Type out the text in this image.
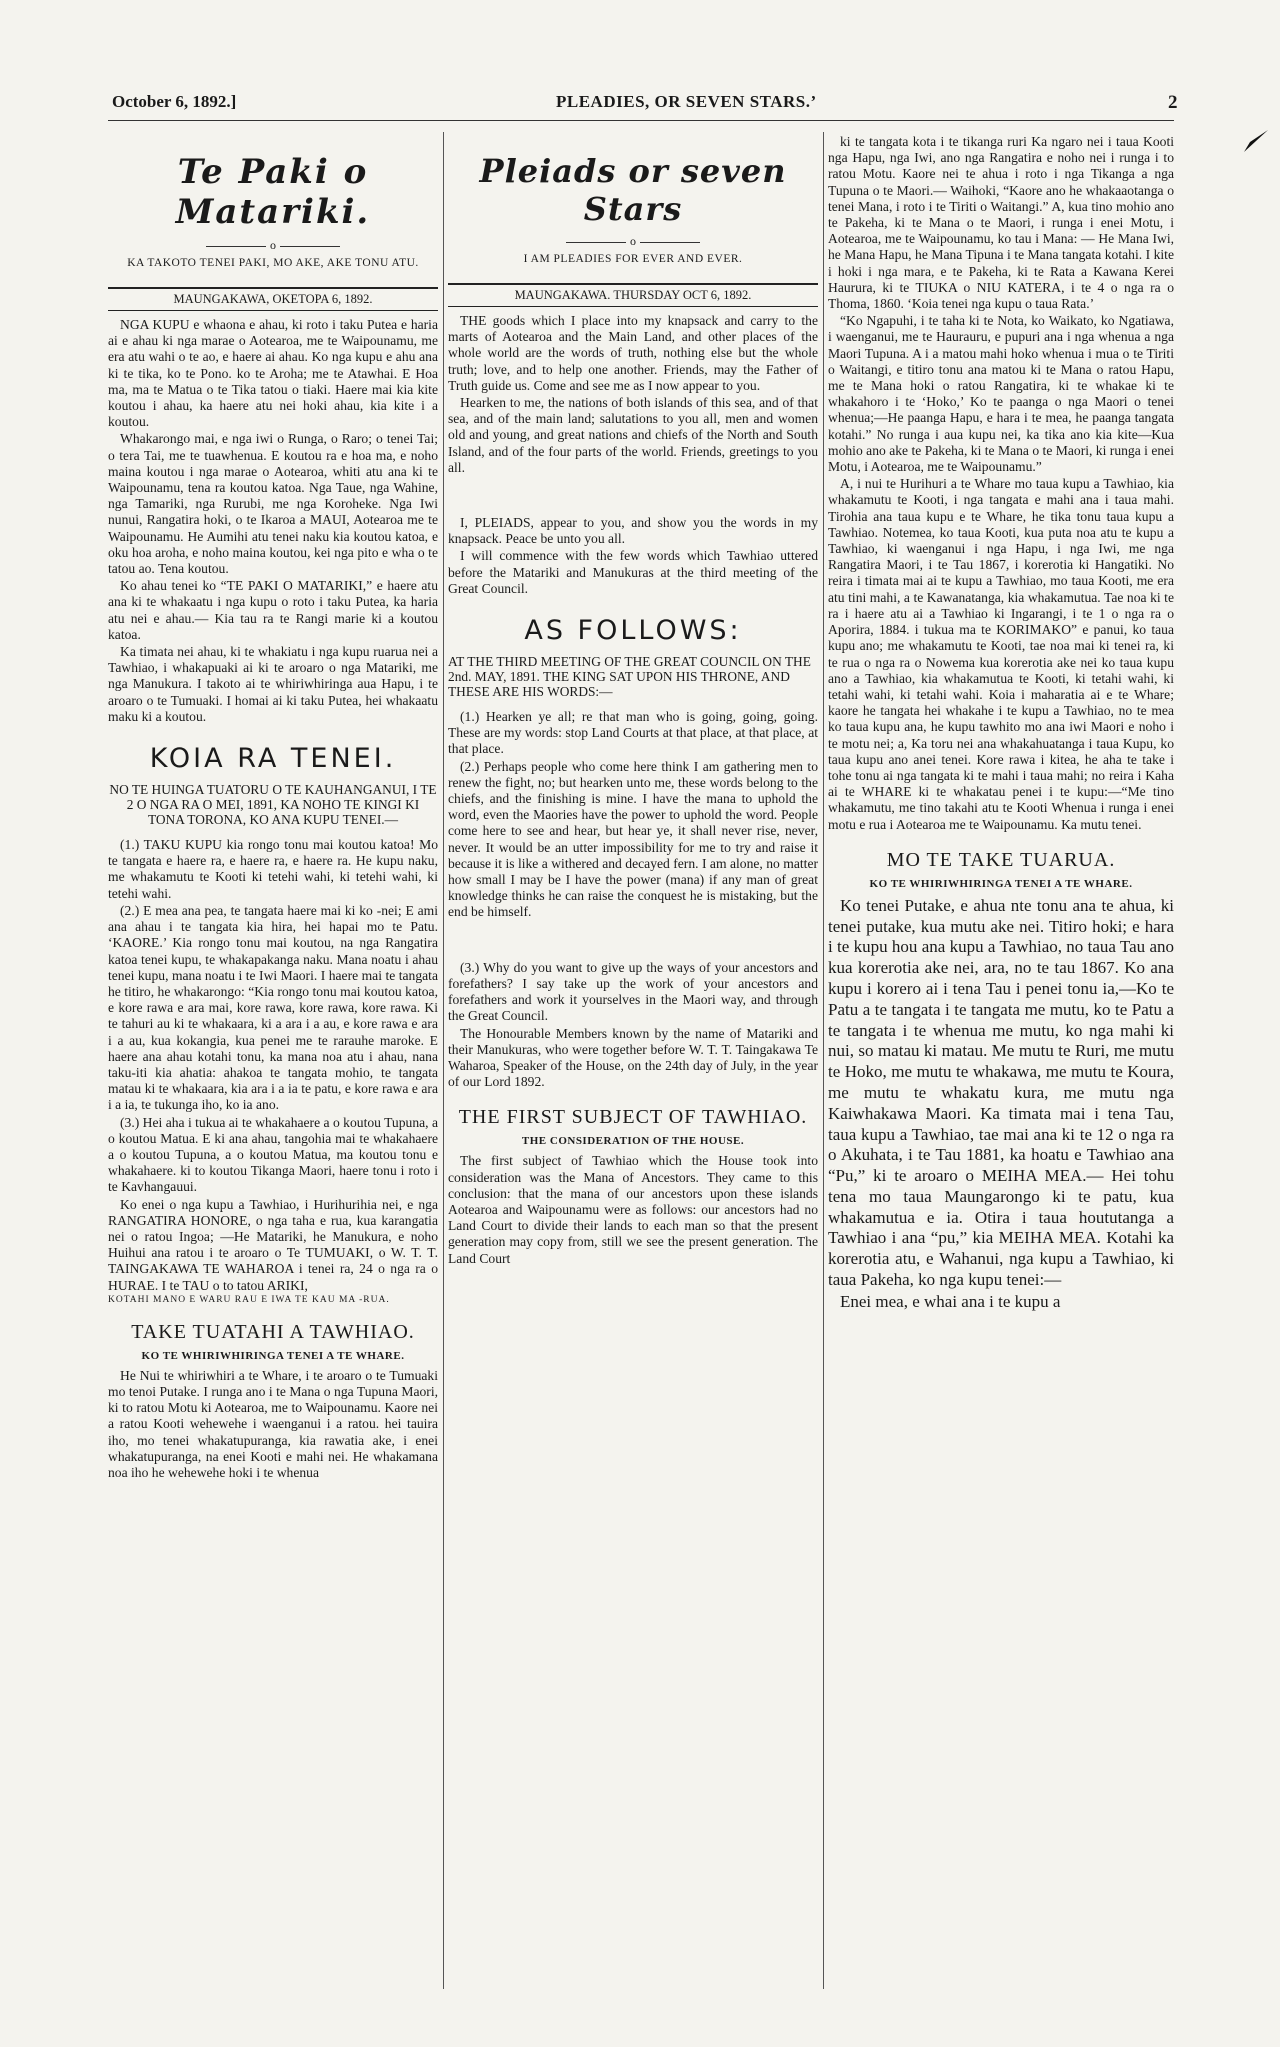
October 6, 1892.]	PLEADIES, OR SEVEN STARS.’	2
Te Paki o Matariki.
o
KA TAKOTO TENEI PAKI, MO AKE, AKE TONU ATU.
MAUNGAKAWA, OKETOPA 6, 1892.

NGA KUPU e whaona e ahau, ki roto i taku Putea e haria ai e ahau ki nga marae o Aotearoa, me te Waipounamu, me era atu wahi o te ao, e haere ai ahau. Ko nga kupu e ahu ana ki te tika, ko te Pono. ko te Aroha; me te Atawhai. E Hoa ma, ma te Matua o te Tika tatou o tiaki. Haere mai kia kite koutou i ahau, ka haere atu nei hoki ahau, kia kite i a koutou.

Whakarongo mai, e nga iwi o Runga, o Raro; o tenei Tai; o tera Tai, me te tuawhenua. E koutou ra e hoa ma, e noho maina koutou i nga marae o Aotearoa, whiti atu ana ki te Waipounamu, tena ra koutou katoa. Nga Taue, nga Wahine, nga Tamariki, nga Rurubi, me nga Koroheke. Nga Iwi nunui, Rangatira hoki, o te Ikaroa a MAUI, Aotearoa me te Waipounamu. He Aumihi atu tenei naku kia koutou katoa, e oku hoa aroha, e noho maina koutou, kei nga pito e wha o te tatou ao. Tena koutou.

Ko ahau tenei ko “TE PAKI O MATARIKI,” e haere atu ana ki te whakaatu i nga kupu o roto i taku Putea, ka haria atu nei e ahau.— Kia tau ra te Rangi marie ki a koutou katoa.

Ka timata nei ahau, ki te whakiatu i nga kupu ruarua nei a Tawhiao, i whakapuaki ai ki te aroaro o nga Matariki, me nga Manukura. I takoto ai te whiriwhiringa aua Hapu, i te aroaro o te Tumuaki. I homai ai ki taku Putea, hei whakaatu maku ki a koutou.

KOIA RA TENEI.
NO TE HUINGA TUATORU O TE KAUHANGANUI, I TE 2 O NGA RA O MEI, 1891, KA NOHO TE KINGI KI TONA TORONA, KO ANA KUPU TENEI.—

(1.) TAKU KUPU kia rongo tonu mai koutou katoa! Mo te tangata e haere ra, e haere ra, e haere ra. He kupu naku, me whakamutu te Kooti ki tetehi wahi, ki tetehi wahi, ki tetehi wahi.

(2.) E mea ana pea, te tangata haere mai ki ko -nei; E ami ana ahau i te tangata kia hira, hei hapai mo te Patu. ‘KAORE.’ Kia rongo tonu mai koutou, na nga Rangatira katoa tenei kupu, te whakapakanga naku. Mana noatu i ahau tenei kupu, mana noatu i te Iwi Maori. I haere mai te tangata he titiro, he whakarongo: “Kia rongo tonu mai koutou katoa, e kore rawa e ara mai, kore rawa, kore rawa, kore rawa. Ki te tahuri au ki te whakaara, ki a ara i a au, e kore rawa e ara i a au, kua kokangia, kua penei me te rarauhe maroke. E haere ana ahau kotahi tonu, ka mana noa atu i ahau, nana taku-iti kia ahatia: ahakoa te tangata mohio, te tangata matau ki te whakaara, kia ara i a ia te patu, e kore rawa e ara i a ia, te tukunga iho, ko ia ano.

(3.) Hei aha i tukua ai te whakahaere a o koutou Tupuna, a o koutou Matua. E ki ana ahau, tangohia mai te whakahaere a o koutou Tupuna, a o koutou Matua, ma koutou tonu e whakahaere. ki to koutou Tikanga Maori, haere tonu i roto i te Kavhangauui.

Ko enei o nga kupu a Tawhiao, i Hurihurihia nei, e nga RANGATIRA HONORE, o nga taha e rua, kua karangatia nei o ratou Ingoa; —He Matariki, he Manukura, e noho Huihui ana ratou i te aroaro o Te TUMUAKI, o W. T. T. TAINGAKAWA TE WAHAROA i tenei ra, 24 o nga ra o HURAE. I te TAU o to tatou ARIKI,

KOTAHI MANO E WARU RAU E IWA TE KAU MA -RUA.
TAKE TUATAHI A TAWHIAO.
KO TE WHIRIWHIRINGA TENEI A TE WHARE.

He Nui te whiriwhiri a te Whare, i te aroaro o te Tumuaki mo tenoi Putake. I runga ano i te Mana o nga Tupuna Maori, ki to ratou Motu ki Aotearoa, me to Waipounamu. Kaore nei a ratou Kooti wehewehe i waenganui i a ratou. hei tauira iho, mo tenei whakatupuranga, kia rawatia ake, i enei whakatupuranga, na enei Kooti e mahi nei. He whakamana noa iho he wehewehe hoki i te whenua

Pleiads or seven Stars
o
I AM PLEADIES FOR EVER AND EVER.
MAUNGAKAWA. THURSDAY OCT 6, 1892.

THE goods which I place into my knapsack and carry to the marts of Aotearoa and the Main Land, and other places of the whole world are the words of truth, nothing else but the whole truth; love, and to help one another. Friends, may the Father of Truth guide us. Come and see me as I now appear to you.

Hearken to me, the nations of both islands of this sea, and of that sea, and of the main land; salutations to you all, men and women old and young, and great nations and chiefs of the North and South Island, and of the four parts of the world. Friends, greetings to you all.

I, PLEIADS, appear to you, and show you the words in my knapsack. Peace be unto you all.

I will commence with the few words which Tawhiao uttered before the Matariki and Manukuras at the third meeting of the Great Council.

AS FOLLOWS:
AT THE THIRD MEETING OF THE GREAT COUNCIL ON THE 2nd. MAY, 1891. THE KING SAT UPON HIS THRONE, AND THESE ARE HIS WORDS:—

(1.) Hearken ye all; re that man who is going, going, going. These are my words: stop Land Courts at that place, at that place, at that place.

(2.) Perhaps people who come here think I am gathering men to renew the fight, no; but hearken unto me, these words belong to the chiefs, and the finishing is mine. I have the mana to uphold the word, even the Maories have the power to uphold the word. People come here to see and hear, but hear ye, it shall never rise, never, never. It would be an utter impossibility for me to try and raise it because it is like a withered and decayed fern. I am alone, no matter how small I may be I have the power (mana) if any man of great knowledge thinks he can raise the conquest he is mistaking, but the end be himself.

(3.) Why do you want to give up the ways of your ancestors and forefathers? I say take up the work of your ancestors and forefathers and work it yourselves in the Maori way, and through the Great Council.

The Honourable Members known by the name of Matariki and their Manukuras, who were together before W. T. T. Taingakawa Te Waharoa, Speaker of the House, on the 24th day of July, in the year of our Lord 1892.

THE FIRST SUBJECT OF TAWHIAO.
THE CONSIDERATION OF THE HOUSE.

The first subject of Tawhiao which the House took into consideration was the Mana of Ancestors. They came to this conclusion: that the mana of our ancestors upon these islands Aotearoa and Waipounamu were as follows: our ancestors had no Land Court to divide their lands to each man so that the present generation may copy from, still we see the present generation. The Land Court

ki te tangata kota i te tikanga ruri Ka ngaro nei i taua Kooti nga Hapu, nga Iwi, ano nga Rangatira e noho nei i runga i to ratou Motu. Kaore nei te ahua i roto i nga Tikanga a nga Tupuna o te Maori.— Waihoki, “Kaore ano he whakaaotanga o tenei Mana, i roto i te Tiriti o Waitangi.” A, kua tino mohio ano te Pakeha, ki te Mana o te Maori, i runga i enei Motu, i Aotearoa, me te Waipounamu, ko tau i Mana: — He Mana Iwi, he Mana Hapu, he Mana Tipuna i te Mana tangata kotahi. I kite i hoki i nga mara, e te Pakeha, ki te Rata a Kawana Kerei Haurura, ki te TIUKA o NIU KATERA, i te 4 o nga ra o Thoma, 1860. ‘Koia tenei nga kupu o taua Rata.’

“Ko Ngapuhi, i te taha ki te Nota, ko Waikato, ko Ngatiawa, i waenganui, me te Haurauru, e pupuri ana i nga whenua a nga Maori Tupuna. A i a matou mahi hoko whenua i mua o te Tiriti o Waitangi, e titiro tonu ana matou ki te Mana o ratou Hapu, me te Mana hoki o ratou Rangatira, ki te whakae ki te whakahoro i te ‘Hoko,’ Ko te paanga o nga Maori o tenei whenua;—He paanga Hapu, e hara i te mea, he paanga tangata kotahi.” No runga i aua kupu nei, ka tika ano kia kite—Kua mohio ano ake te Pakeha, ki te Mana o te Maori, ki runga i enei Motu, i Aotearoa, me te Waipounamu.”

A, i nui te Hurihuri a te Whare mo taua kupu a Tawhiao, kia whakamutu te Kooti, i nga tangata e mahi ana i taua mahi. Tirohia ana taua kupu e te Whare, he tika tonu taua kupu a Tawhiao. Notemea, ko taua Kooti, kua puta noa atu te kupu a Tawhiao, ki waenganui i nga Hapu, i nga Iwi, me nga Rangatira Maori, i te Tau 1867, i korerotia ki Hangatiki. No reira i timata mai ai te kupu a Tawhiao, mo taua Kooti, me era atu tini mahi, a te Kawanatanga, kia whakamutua. Tae noa ki te ra i haere atu ai a Tawhiao ki Ingarangi, i te 1 o nga ra o Aporira, 1884. i tukua ma te KORIMAKO” e panui, ko taua kupu ano; me whakamutu te Kooti, tae noa mai ki tenei ra, ki te rua o nga ra o Nowema kua korerotia ake nei ko taua kupu ano a Tawhiao, kia whakamutua te Kooti, ki tetahi wahi, ki tetahi wahi, ki tetahi wahi. Koia i maharatia ai e te Whare; kaore he tangata hei whakahe i te kupu a Tawhiao, no te mea ko taua kupu ana, he kupu tawhito mo ana iwi Maori e noho i te motu nei; a, Ka toru nei ana whakahuatanga i taua Kupu, ko taua kupu ano anei tenei. Kore rawa i kitea, he aha te take i tohe tonu ai nga tangata ki te mahi i taua mahi; no reira i Kaha ai te WHARE ki te whakatau penei i te kupu:—“Me tino whakamutu, me tino takahi atu te Kooti Whenua i runga i enei motu e rua i Aotearoa me te Waipounamu. Ka mutu tenei.

MO TE TAKE TUARUA.
KO TE WHIRIWHIRINGA TENEI A TE WHARE.

Ko tenei Putake, e ahua nte tonu ana te ahua, ki tenei putake, kua mutu ake nei. Titiro hoki; e hara i te kupu hou ana kupu a Tawhiao, no taua Tau ano kua korerotia ake nei, ara, no te tau 1867. Ko ana kupu i korero ai i tena Tau i penei tonu ia,—Ko te Patu a te tangata i te tangata me mutu, ko te Patu a te tangata i te whenua me mutu, ko nga mahi ki nui, so matau ki matau. Me mutu te Ruri, me mutu te Hoko, me mutu te whakawa, me mutu te Koura, me mutu te whakatu kura, me mutu nga Kaiwhakawa Maori. Ka timata mai i tena Tau, taua kupu a Tawhiao, tae mai ana ki te 12 o nga ra o Akuhata, i te Tau 1881, ka hoatu e Tawhiao ana “Pu,” ki te aroaro o MEIHA MEA.— Hei tohu tena mo taua Maungarongo ki te patu, kua whakamutua e ia. Otira i taua hoututanga a Tawhiao i ana “pu,” kia MEIHA MEA. Kotahi ka korerotia atu, e Wahanui, nga kupu a Tawhiao, ki taua Pakeha, ko nga kupu tenei:—

Enei mea, e whai ana i te kupu a
